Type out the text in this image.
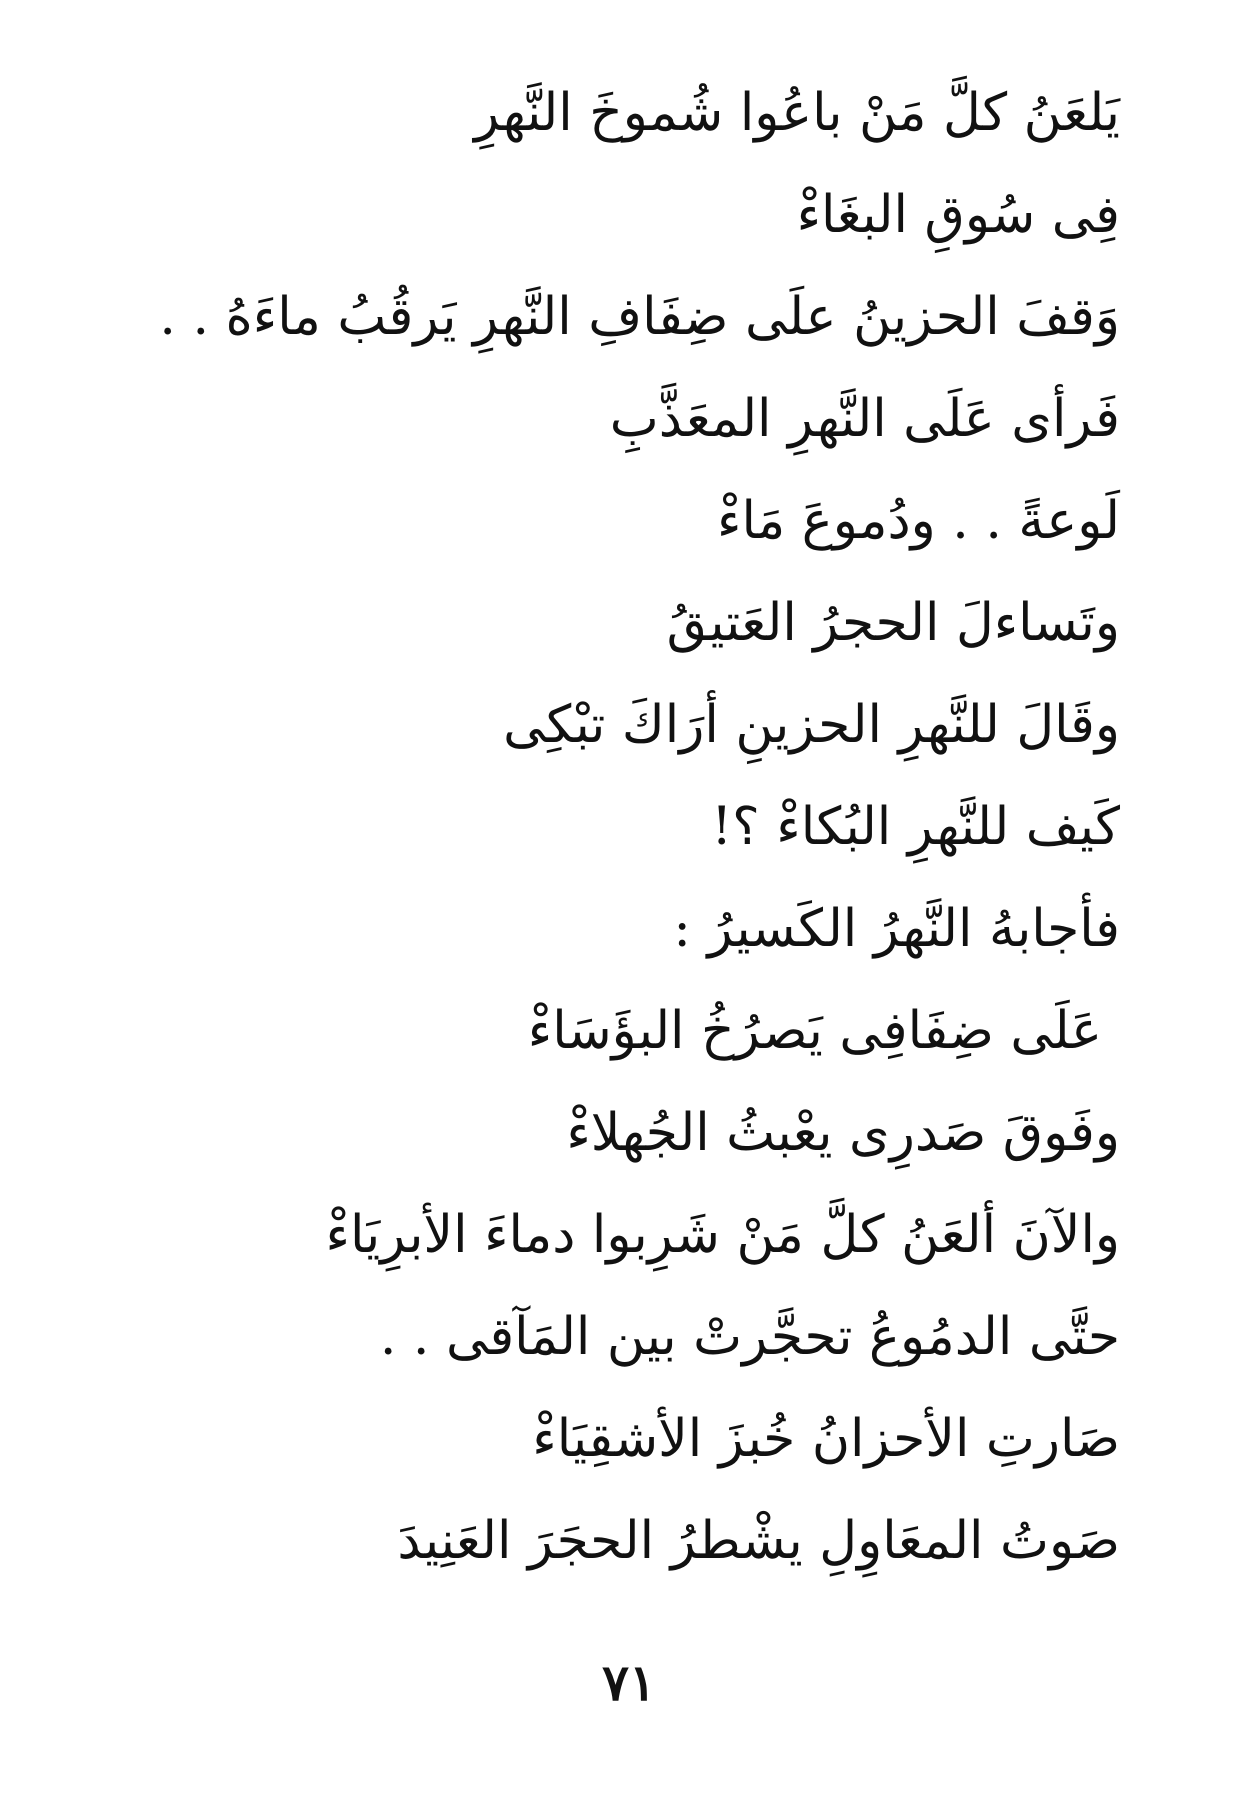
يَلعَنُ كلَّ مَنْ باعُوا شُموخَ النَّهرِ
فِى سُوقِ البغَاءْ
وَقفَ الحزينُ علَى ضِفَافِ النَّهرِ يَرقُبُ ماءَهُ . .
فَرأى عَلَى النَّهرِ المعَذَّبِ
لَوعةً . . ودُموعَ مَاءْ
وتَساءلَ الحجرُ العَتيقُ
وقَالَ للنَّهرِ الحزينِ أرَاكَ تبْكِى
كَيف للنَّهرِ البُكاءْ ؟!
فأجابهُ النَّهرُ الكَسيرُ :
عَلَى ضِفَافِى يَصرُخُ البؤَسَاءْ
وفَوقَ صَدرِى يعْبثُ الجُهلاءْ
والآنَ ألعَنُ كلَّ مَنْ شَرِبوا دماءَ الأبرِيَاءْ
حتَّى الدمُوعُ تحجَّرتْ بين المَآقى . .
صَارتِ الأحزانُ خُبزَ الأشقِيَاءْ
صَوتُ المعَاوِلِ يشْطرُ الحجَرَ العَنِيدَ
٧١
